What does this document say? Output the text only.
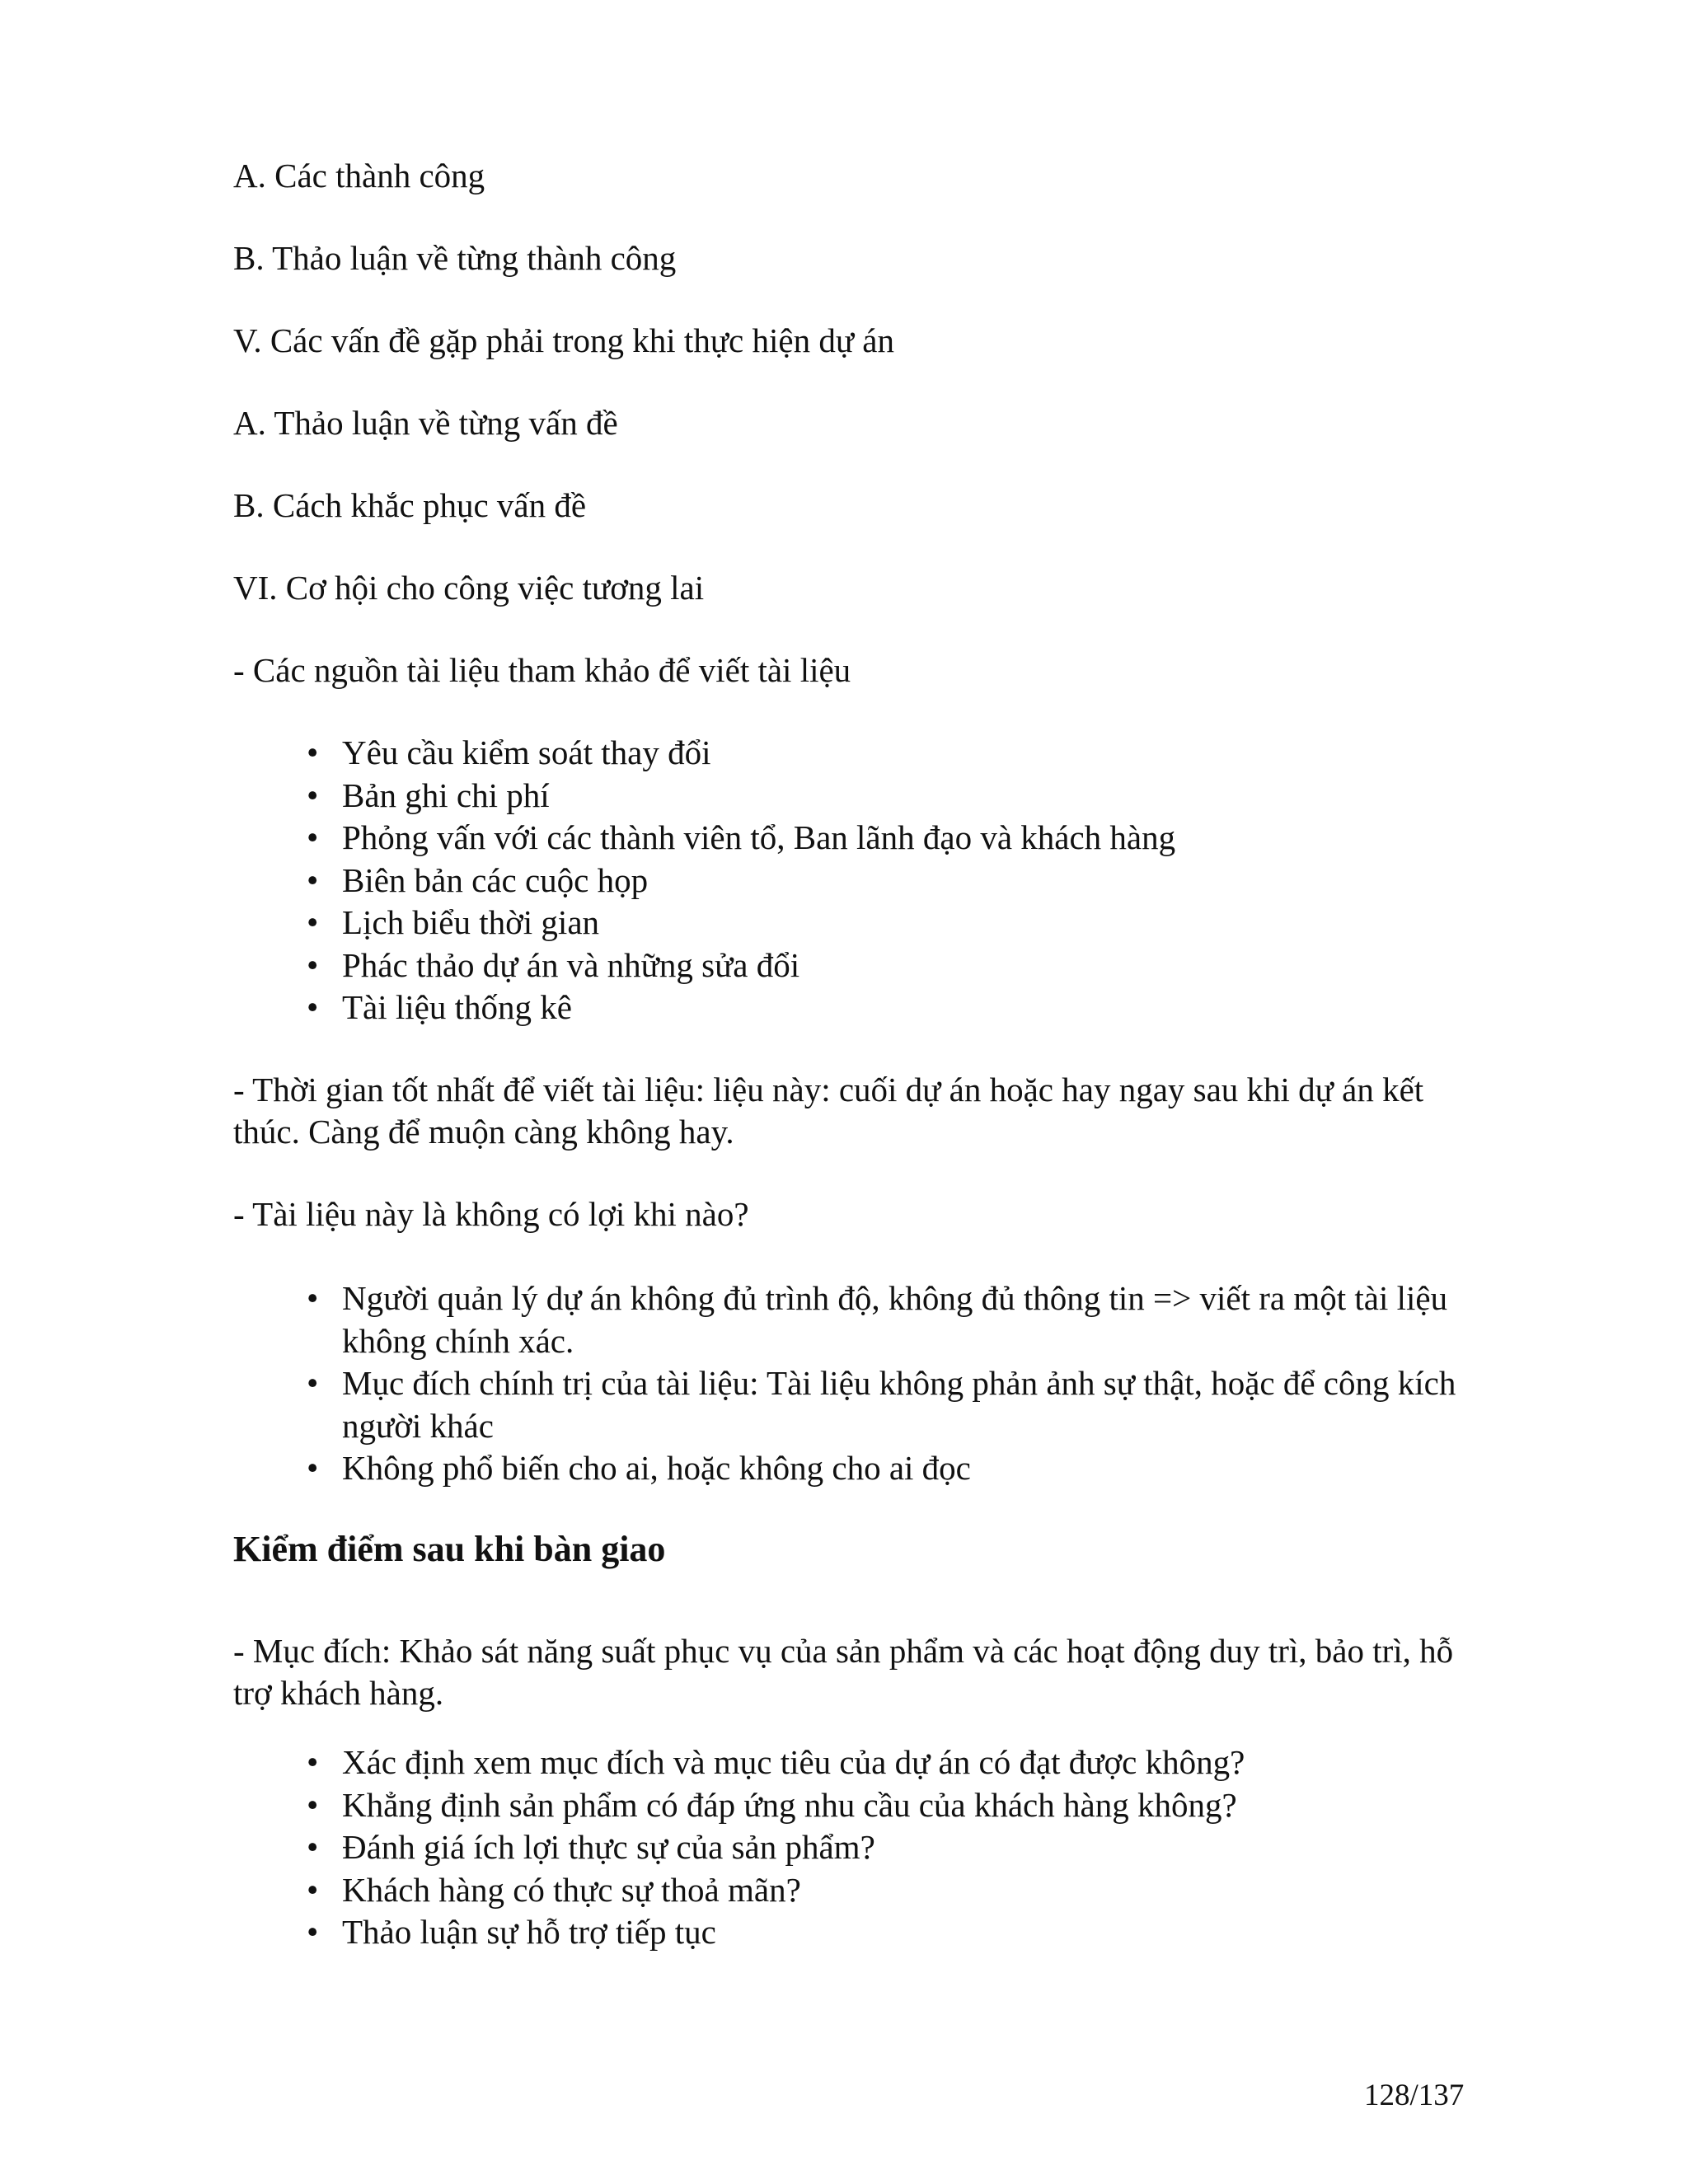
A. Các thành công

B. Thảo luận về từng thành công

V. Các vấn đề gặp phải trong khi thực hiện dự án

A. Thảo luận về từng vấn đề

B. Cách khắc phục vấn đề

VI. Cơ hội cho công việc tương lai

- Các nguồn tài liệu tham khảo để viết tài liệu

• Yêu cầu kiểm soát thay đổi
• Bản ghi chi phí
• Phỏng vấn với các thành viên tổ, Ban lãnh đạo và khách hàng
• Biên bản các cuộc họp
• Lịch biểu thời gian
• Phác thảo dự án và những sửa đổi
• Tài liệu thống kê

- Thời gian tốt nhất để viết tài liệu: liệu này: cuối dự án hoặc hay ngay sau khi dự án kết thúc. Càng để muộn càng không hay.

- Tài liệu này là không có lợi khi nào?

• Người quản lý dự án không đủ trình độ, không đủ thông tin => viết ra một tài liệu không chính xác.
• Mục đích chính trị của tài liệu: Tài liệu không phản ảnh sự thật, hoặc để công kích người khác
• Không phổ biến cho ai, hoặc không cho ai đọc
Kiểm điểm sau khi bàn giao

- Mục đích: Khảo sát năng suất phục vụ của sản phẩm và các hoạt động duy trì, bảo trì, hỗ trợ khách hàng.

• Xác định xem mục đích và mục tiêu của dự án có đạt được không?
• Khẳng định sản phẩm có đáp ứng nhu cầu của khách hàng không?
• Đánh giá ích lợi thực sự của sản phẩm?
• Khách hàng có thực sự thoả mãn?
• Thảo luận sự hỗ trợ tiếp tục
128/137
